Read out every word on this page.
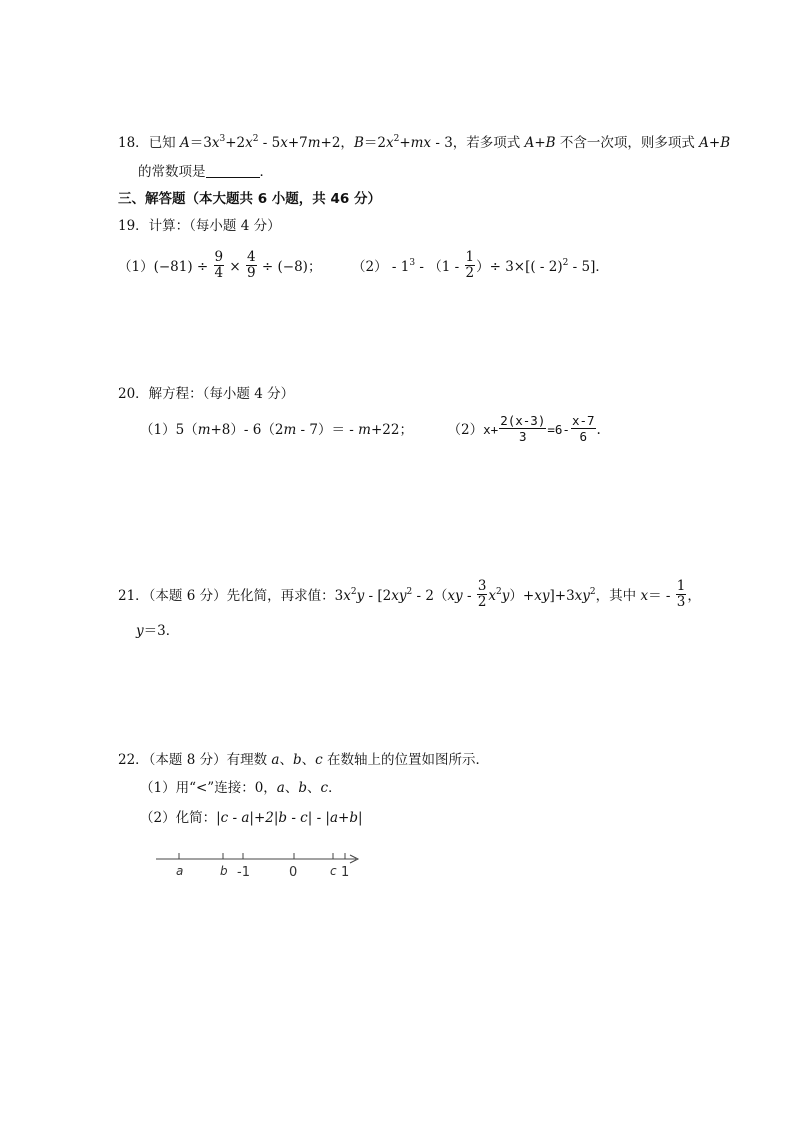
18．已知 $A=3x^3+2x^2 - 5x+7m+2$，$B=2x^2+mx - 3$，若多项式 A+B 不含一次项，则多项式 A+B
的常数项是	．
三、解答题（本大题共 6 小题，共 46 分）
19．计算：（每小题 4 分）
$(1)(-81) \div \frac{9}{4} \times \frac{4}{9} \div (-8)$； $(2) - 1^3 - (1 - \frac{1}{2}$ ）÷ 3×[( - 2)$^2$ - 5]．
20．解方程：（每小题 4 分）
（1）5（m+8）- 6（2m - 7）＝ - m+22；	$(2)x+ \frac{2(x-3)}{3} =6- \frac{x-7}{6}$ .
21．（本题 6 分）先化简，再求值：$3x^2y - [2xy^2 - 2(xy - \frac{3}{2} x^2y)+xy]+3xy^2$，其中 $x= - \frac{1}{3}$ ，
y＝3．
22．（本题 8 分）有理数 a、b、c 在数轴上的位置如图所示．
（1）用“<”连接：0，a、b、c．
（2）化简：|c - a|+2|b - c| - |a+b|
a	b -1	0	c 1
